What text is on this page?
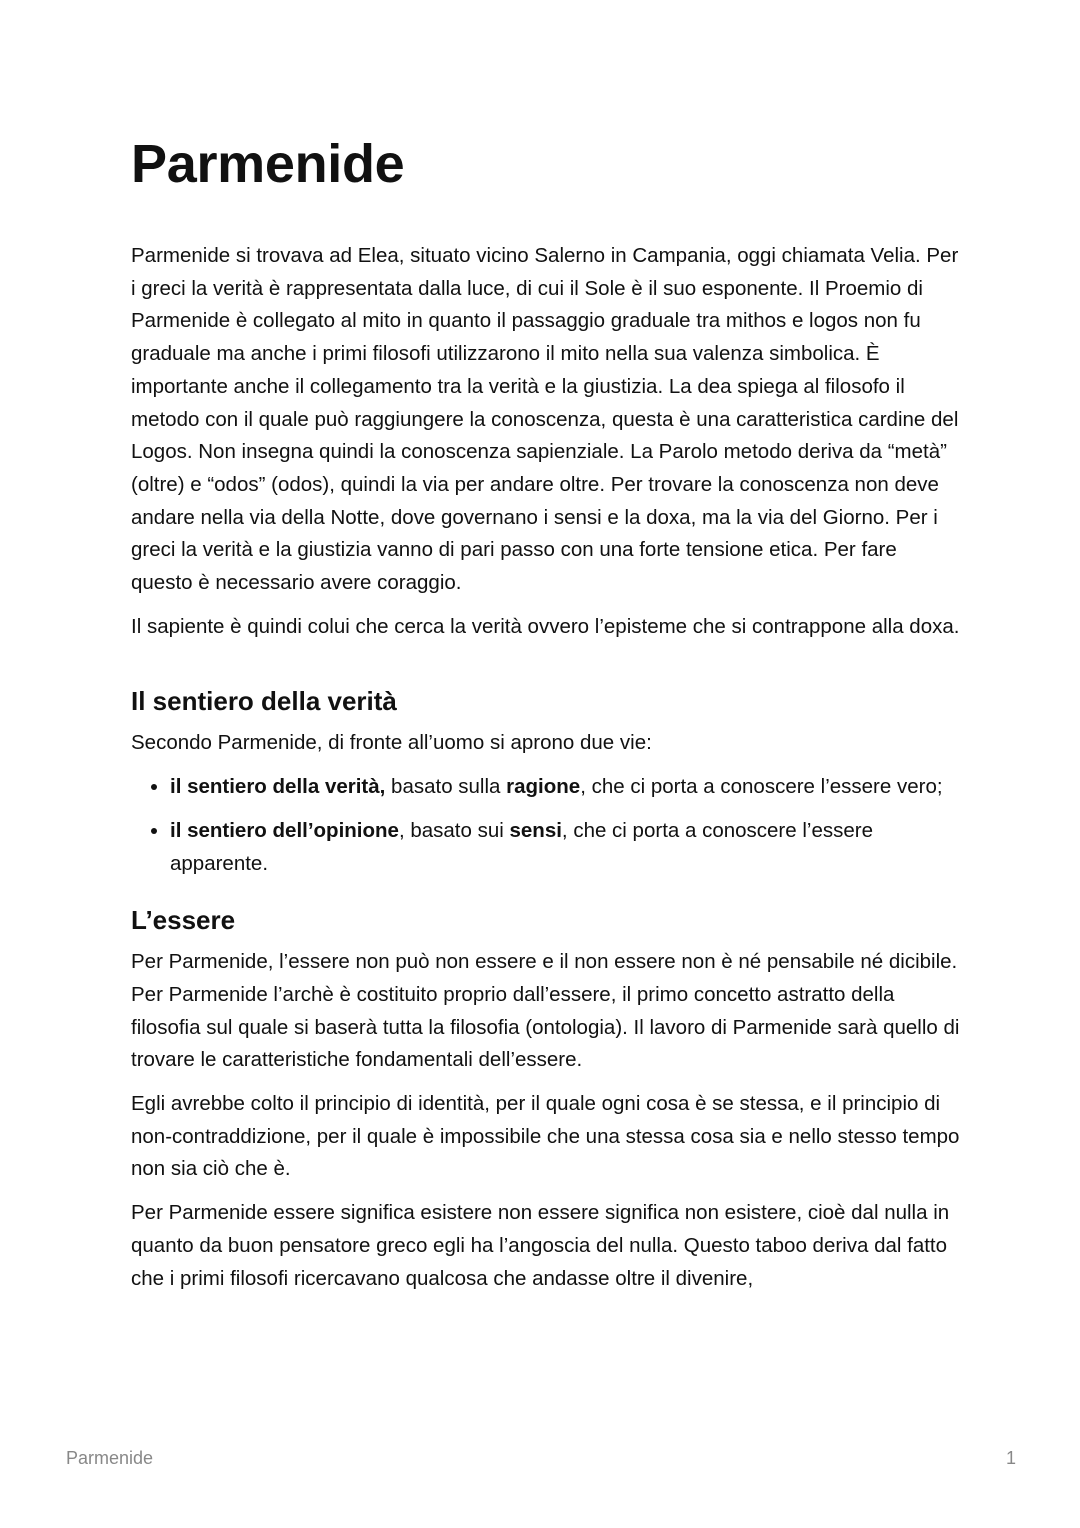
Parmenide

Parmenide si trovava ad Elea, situato vicino Salerno in Campania, oggi chiamata Velia. Per i greci la verità è rappresentata dalla luce, di cui il Sole è il suo esponente. Il Proemio di Parmenide è collegato al mito in quanto il passaggio graduale tra mithos e logos non fu graduale ma anche i primi filosofi utilizzarono il mito nella sua valenza simbolica. È importante anche il collegamento tra la verità e la giustizia. La dea spiega al filosofo il metodo con il quale può raggiungere la conoscenza, questa è una caratteristica cardine del Logos. Non insegna quindi la conoscenza sapienziale. La Parolo metodo deriva da “metà” (oltre) e “odos” (odos), quindi la via per andare oltre. Per trovare la conoscenza non deve andare nella via della Notte, dove governano i sensi e la doxa, ma la via del Giorno. Per i greci la verità e la giustizia vanno di pari passo con una forte tensione etica. Per fare questo è necessario avere coraggio.

Il sapiente è quindi colui che cerca la verità ovvero l’episteme che si contrappone alla doxa.

Il sentiero della verità

Secondo Parmenide, di fronte all’uomo si aprono due vie:

• il sentiero della verità, basato sulla ragione, che ci porta a conoscere l’essere vero;
• il sentiero dell’opinione, basato sui sensi, che ci porta a conoscere l’essere apparente.
L’essere

Per Parmenide, l’essere non può non essere e il non essere non è né pensabile né dicibile. Per Parmenide l’archè è costituito proprio dall’essere, il primo concetto astratto della filosofia sul quale si baserà tutta la filosofia (ontologia). Il lavoro di Parmenide sarà quello di trovare le caratteristiche fondamentali dell’essere.

Egli avrebbe colto il principio di identità, per il quale ogni cosa è se stessa, e il principio di non-contraddizione, per il quale è impossibile che una stessa cosa sia e nello stesso tempo non sia ciò che è.

Per Parmenide essere significa esistere non essere significa non esistere, cioè dal nulla in quanto da buon pensatore greco egli ha l’angoscia del nulla. Questo taboo deriva dal fatto che i primi filosofi ricercavano qualcosa che andasse oltre il divenire,

Parmenide	1
